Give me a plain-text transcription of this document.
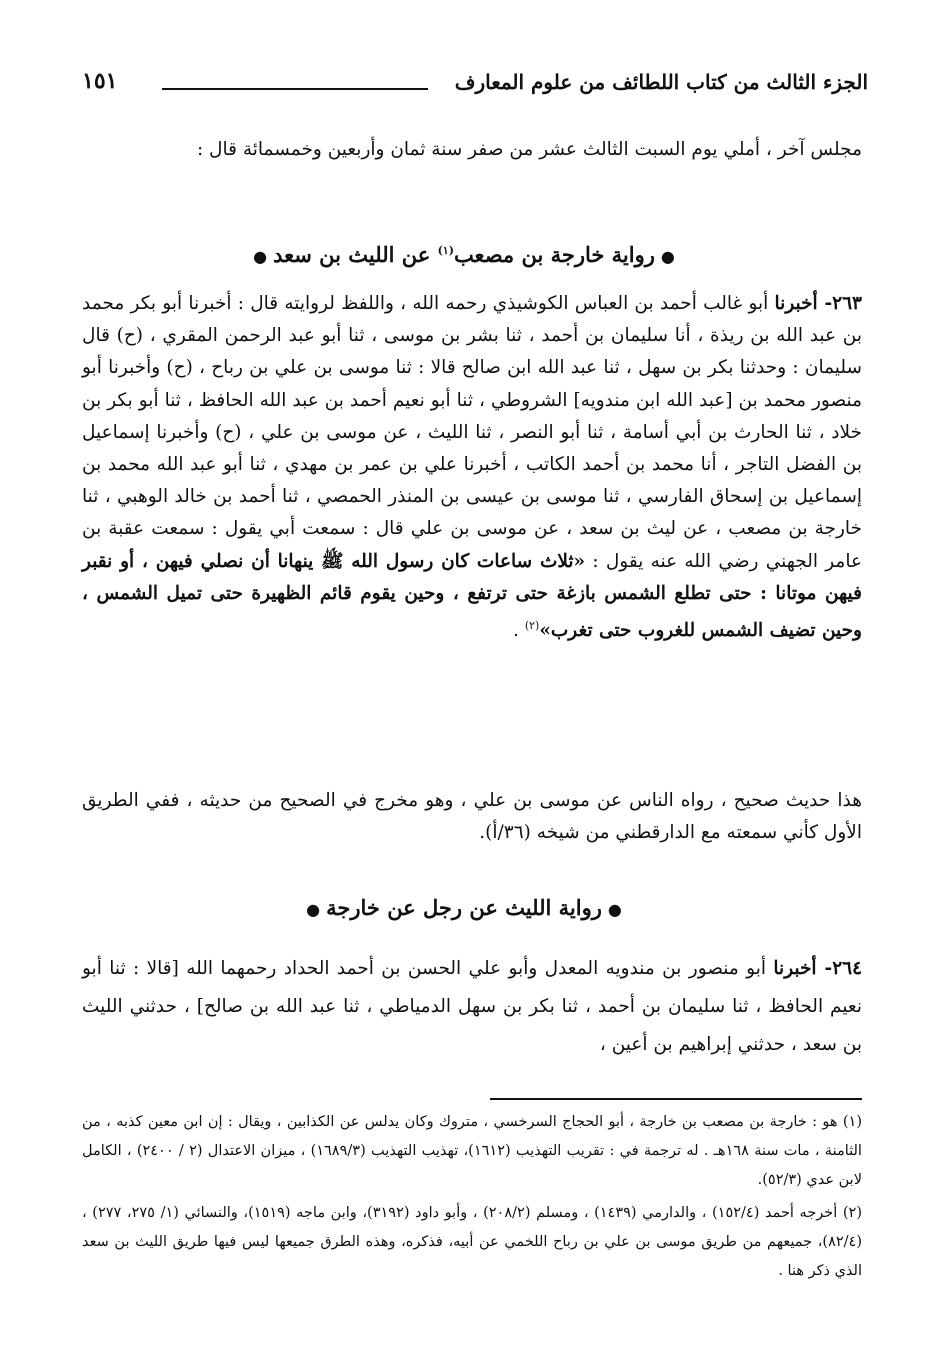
الجزء الثالث من كتاب اللطائف من علوم المعارف
١٥١

مجلس آخر ، أملي يوم السبت الثالث عشر من صفر سنة ثمان وأربعين وخمسمائة قال :

●رواية خارجة بن مصعب$^{(١)}$ عن الليث بن سعد●

٢٦٣- أخبرنا أبو غالب أحمد بن العباس الكوشيذي رحمه الله ، واللفظ لروايته قال : أخبرنا أبو بكر محمد بن عبد الله بن ريذة ، أنا سليمان بن أحمد ، ثنا بشر بن موسى ، ثنا أبو عبد الرحمن المقري ، (ح) قال سليمان : وحدثنا بكر بن سهل ، ثنا عبد الله ابن صالح قالا : ثنا موسى بن علي بن رباح ، (ح) وأخبرنا أبو منصور محمد بن [عبد الله ابن مندويه] الشروطي ، ثنا أبو نعيم أحمد بن عبد الله الحافظ ، ثنا أبو بكر بن خلاد ، ثنا الحارث بن أبي أسامة ، ثنا أبو النصر ، ثنا الليث ، عن موسى بن علي ، (ح) وأخبرنا إسماعيل بن الفضل التاجر ، أنا محمد بن أحمد الكاتب ، أخبرنا علي بن عمر بن مهدي ، ثنا أبو عبد الله محمد بن إسماعيل بن إسحاق الفارسي ، ثنا موسى بن عيسى بن المنذر الحمصي ، ثنا أحمد بن خالد الوهبي ، ثنا خارجة بن مصعب ، عن ليث بن سعد ، عن موسى بن علي قال : سمعت أبي يقول : سمعت عقبة بن عامر الجهني رضي الله عنه يقول : «ثلاث ساعات كان رسول الله ﷺ ينهانا أن نصلي فيهن ، أو نقبر فيهن موتانا : حتى تطلع الشمس بازغة حتى ترتفع ، وحين يقوم قائم الظهيرة حتى تميل الشمس ، وحين تضيف الشمس للغروب حتى تغرب»$^{(٢)}$ .

هذا حديث صحيح ، رواه الناس عن موسى بن علي ، وهو مخرج في الصحيح من حديثه ، ففي الطريق الأول كأني سمعته مع الدارقطني من شيخه (٣٦/أ).

●رواية الليث عن رجل عن خارجة●

٢٦٤- أخبرنا أبو منصور بن مندويه المعدل وأبو علي الحسن بن أحمد الحداد رحمهما الله [قالا : ثنا أبو نعيم الحافظ ، ثنا سليمان بن أحمد ، ثنا بكر بن سهل الدمياطي ، ثنا عبد الله بن صالح] ، حدثني الليث بن سعد ، حدثني إبراهيم بن أعين ،

(١) هو : خارجة بن مصعب بن خارجة ، أبو الحجاج السرخسي ، متروك وكان يدلس عن الكذابين ، ويقال : إن ابن معين كذبه ، من الثامنة ، مات سنة ١٦٨هـ . له ترجمة في : تقريب التهذيب (١٦١٢)، تهذيب التهذيب (١٦٨٩/٣) ، ميزان الاعتدال (٢ / ٢٤٠٠) ، الكامل لابن عدي (٥٢/٣).

(٢) أخرجه أحمد (١٥٢/٤) ، والدارمي (١٤٣٩) ، ومسلم (٢٠٨/٢) ، وأبو داود (٣١٩٢)، وابن ماجه (١٥١٩)، والنسائي (١/ ٢٧٥، ٢٧٧) ، (٨٢/٤)، جميعهم من طريق موسى بن علي بن رباح اللخمي عن أبيه، فذكره، وهذه الطرق جميعها ليس فيها طريق الليث بن سعد الذي ذكر هنا .
